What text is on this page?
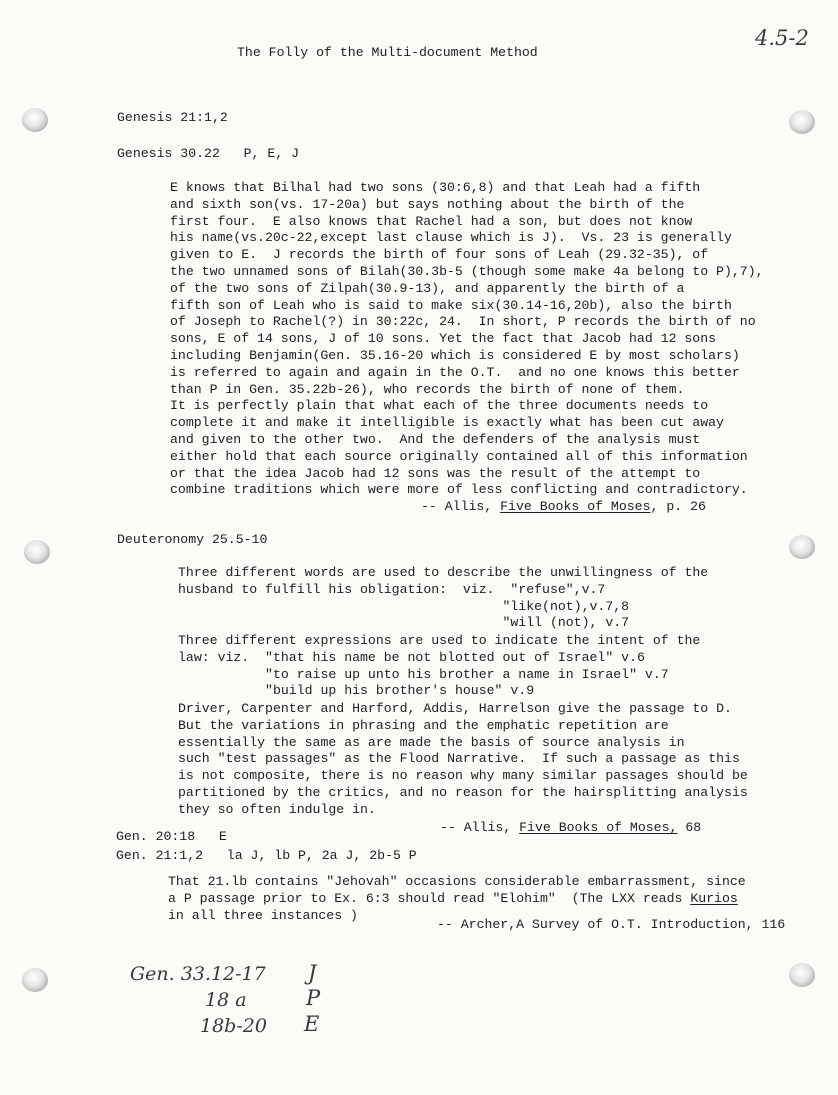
4.5-2
The Folly of the Multi-document Method
Genesis 21:1,2
Genesis 30.22   P, E, J
E knows that Bilhal had two sons (30:6,8) and that Leah had a fifth
and sixth son(vs. 17-20a) but says nothing about the birth of the
first four.  E also knows that Rachel had a son, but does not know
his name(vs.20c-22,except last clause which is J).  Vs. 23 is generally
given to E.  J records the birth of four sons of Leah (29.32-35), of
the two unnamed sons of Bilah(30.3b-5 (though some make 4a belong to P),7),
of the two sons of Zilpah(30.9-13), and apparently the birth of a
fifth son of Leah who is said to make six(30.14-16,20b), also the birth
of Joseph to Rachel(?) in 30:22c, 24.  In short, P records the birth of no
sons, E of 14 sons, J of 10 sons. Yet the fact that Jacob had 12 sons
including Benjamin(Gen. 35.16-20 which is considered E by most scholars)
is referred to again and again in the O.T.  and no one knows this better
than P in Gen. 35.22b-26), who records the birth of none of them.
It is perfectly plain that what each of the three documents needs to
complete it and make it intelligible is exactly what has been cut away
and given to the other two.  And the defenders of the analysis must
either hold that each source originally contained all of this information
or that the idea Jacob had 12 sons was the result of the attempt to
combine traditions which were more of less conflicting and contradictory.
-- Allis, Five Books of Moses, p. 26
Deuteronomy 25.5-10
Three different words are used to describe the unwillingness of the
husband to fulfill his obligation:  viz.  "refuse",v.7
"like(not),v.7,8
"will (not), v.7
Three different expressions are used to indicate the intent of the
law: viz.  "that his name be not blotted out of Israel" v.6
"to raise up unto his brother a name in Israel" v.7
"build up his brother's house" v.9
Driver, Carpenter and Harford, Addis, Harrelson give the passage to D.
But the variations in phrasing and the emphatic repetition are
essentially the same as are made the basis of source analysis in
such "test passages" as the Flood Narrative.  If such a passage as this
is not composite, there is no reason why many similar passages should be
partitioned by the critics, and no reason for the hairsplitting analysis
they so often indulge in.
-- Allis, Five Books of Moses, 68
Gen. 20:18   E
Gen. 21:1,2   la J, lb P, 2a J, 2b-5 P
That 21.lb contains "Jehovah" occasions considerable embarrassment, since
a P passage prior to Ex. 6:3 should read "Elohim"  (The LXX reads Kurios
in all three instances )
-- Archer,A Survey of O.T. Introduction, 116
Gen. 33.12-17 J
18 a	P
18b-20 E
